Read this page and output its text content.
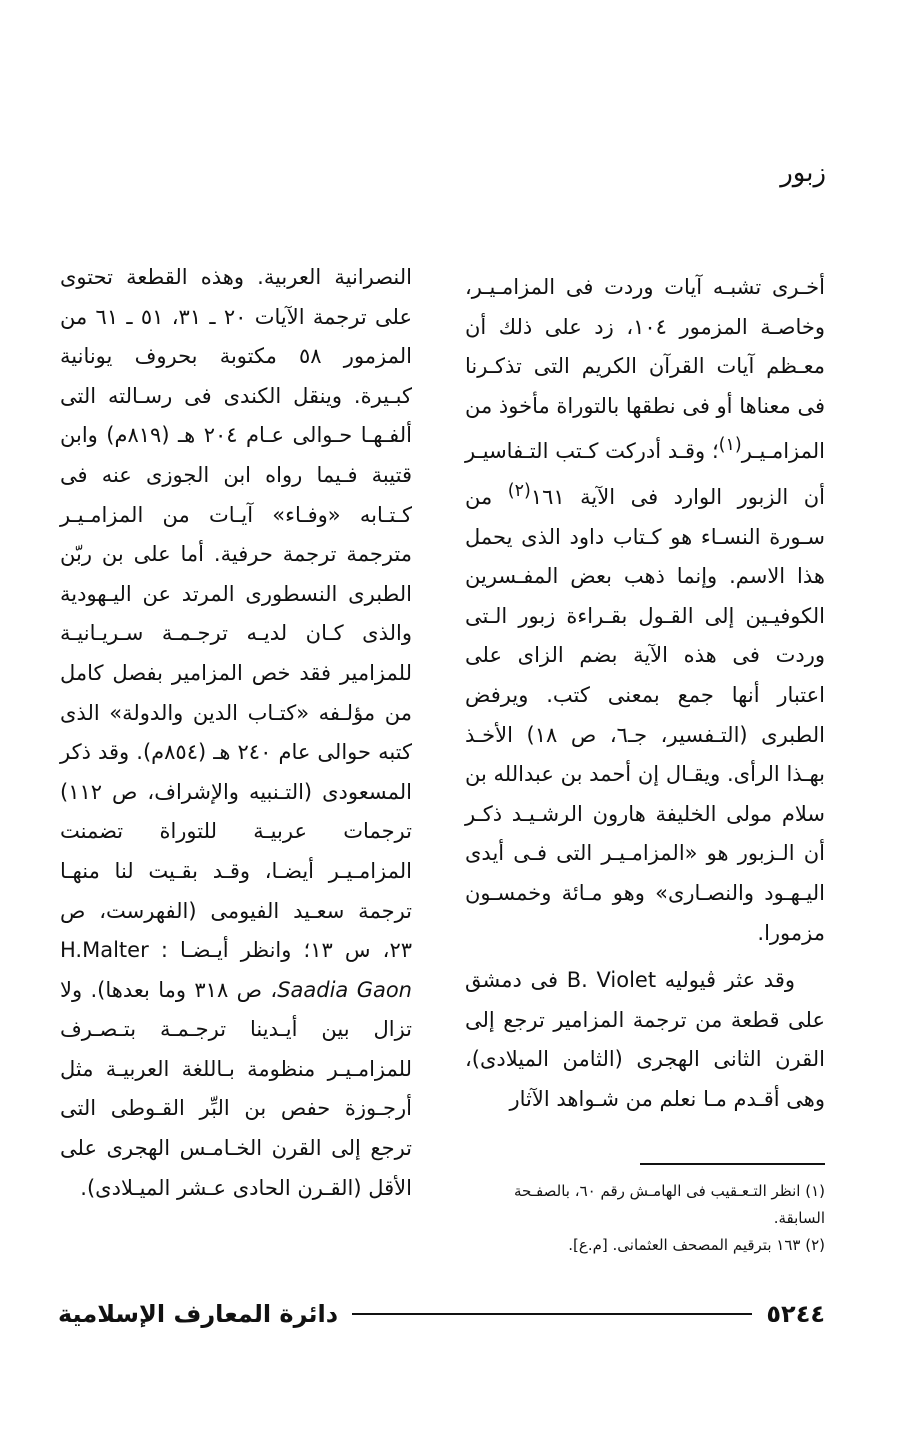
زبور

أخـرى تشبـه آيات وردت فى المزامـيـر، وخاصـة المزمور ١٠٤، زد على ذلك أن معـظم آيات القرآن الكريم التى تذكـرنا فى معناها أو فى نطقها بالتوراة مأخوذ من المزامـيـر$^{(١)}$؛ وقـد أدركت كـتب التـفاسيـر أن الزبور الوارد فى الآية ١٦١$^{(٢)}$ من سـورة النسـاء هو كـتاب داود الذى يحمل هذا الاسم. وإنما ذهب بعض المفـسرين الكوفيـين إلى القـول بقـراءة زبور الـتى وردت فى هذه الآية بضم الزاى على اعتبار أنها جمع بمعنى كتب. ويرفض الطبرى (التـفسير، جـ٦، ص ١٨) الأخـذ بهـذا الرأى. ويقـال إن أحمد بن عبدالله بن سلام مولى الخليفة هارون الرشـيـد ذكـر أن الـزبور هو «المزامـيـر التى فـى أيدى اليـهـود والنصـارى» وهو مـائة وخمسـون مزمورا.

وقد عثر ڤيوليه B. Violet فى دمشق على قطعة من ترجمة المزامير ترجع إلى القرن الثانى الهجرى (الثامن الميلادى)، وهى أقـدم مـا نعلم من شـواهد الآثار

النصرانية العربية. وهذه القطعة تحتوى على ترجمة الآيات ٢٠ ـ ٣١، ٥١ ـ ٦١ من المزمور ٥٨ مكتوبة بحروف يونانية كبـيرة. وينقل الكندى فى رسـالته التى ألفـهـا حـوالى عـام ٢٠٤ هـ (٨١٩م) وابن قتيبة فـيما رواه ابن الجوزى عنه فى كـتـابه «وفـاء» آيـات من المزامـيـر مترجمة ترجمة حرفية. أما على بن ربّن الطبرى النسطورى المرتد عن اليـهودية والذى كـان لديـه ترجـمـة سـريـانيـة للمزامير فقد خص المزامير بفصل كامل من مؤلـفه «كتـاب الدين والدولة» الذى كتبه حوالى عام ٢٤٠ هـ (٨٥٤م). وقد ذكر المسعودى (التـنبيه والإشراف، ص ١١٢) ترجمات عربيـة للتوراة تضمنت المزامـيـر أيضـا، وقـد بقـيت لنا منهـا ترجمة سعـيد الفيومى (الفهرست، ص ٢٣، س ١٣؛ وانظر أيـضـا H.Malter : Saadia Gaon، ص ٣١٨ وما بعدها). ولا تزال بين أيـدينا ترجـمـة بتـصـرف للمزامـيـر منظومة بـاللغة العربيـة مثل أرجـوزة حفص بن البِّر القـوطى التى ترجع إلى القرن الخـامـس الهجرى على الأقل (القـرن الحادى عـشر الميـلادى).	(١) انظر التـعـقيب فى الهامـش رقم ٦٠، بالصفـحة السابقة.

(٢) ١٦٣ بترقيم المصحف العثمانى. [م.ع].

٥٢٤٤
دائرة المعارف الإسلامية
